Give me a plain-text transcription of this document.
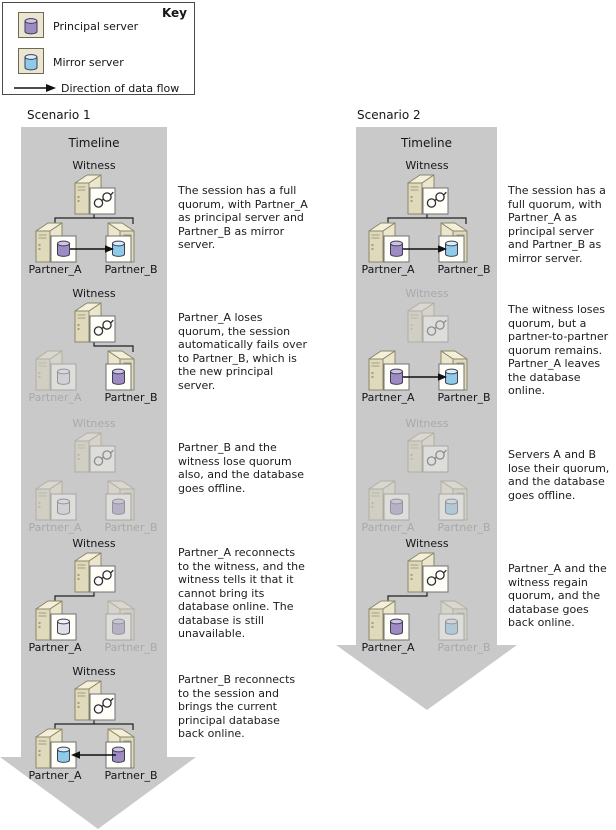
Key
Principal server
Mirror server
Direction of data flow
Scenario 1	Scenario 2
Timeline	Timeline
Witness
Partner_A Partner_B
The session has a full quorum, with Partner_A as principal server and Partner_B as mirror server.
Witness
Partner_A Partner_B
Partner_A loses quorum, the session automatically fails over to Partner_B, which is the new principal server.
Witness
Partner_A Partner_B
Partner_B and the witness lose quorum also, and the database goes offline.
Witness
Partner_A Partner_B
Partner_A reconnects to the witness, and the witness tells it that it cannot bring its database online. The database is still unavailable.
Witness
Partner_A Partner_B
Partner_B reconnects to the session and brings the current principal database back online.
Witness
Partner_A Partner_B
The session has a full quorum, with Partner_A as principal server and Partner_B as mirror server.
Witness
Partner_A Partner_B
The witness loses quorum, but a partner-to-partner quorum remains. Partner_A leaves the database online.
Witness
Partner_A Partner_B
Servers A and B lose their quorum, and the database goes offline.
Witness
Partner_A Partner_B
Partner_A and the witness regain quorum, and the database goes back online.
